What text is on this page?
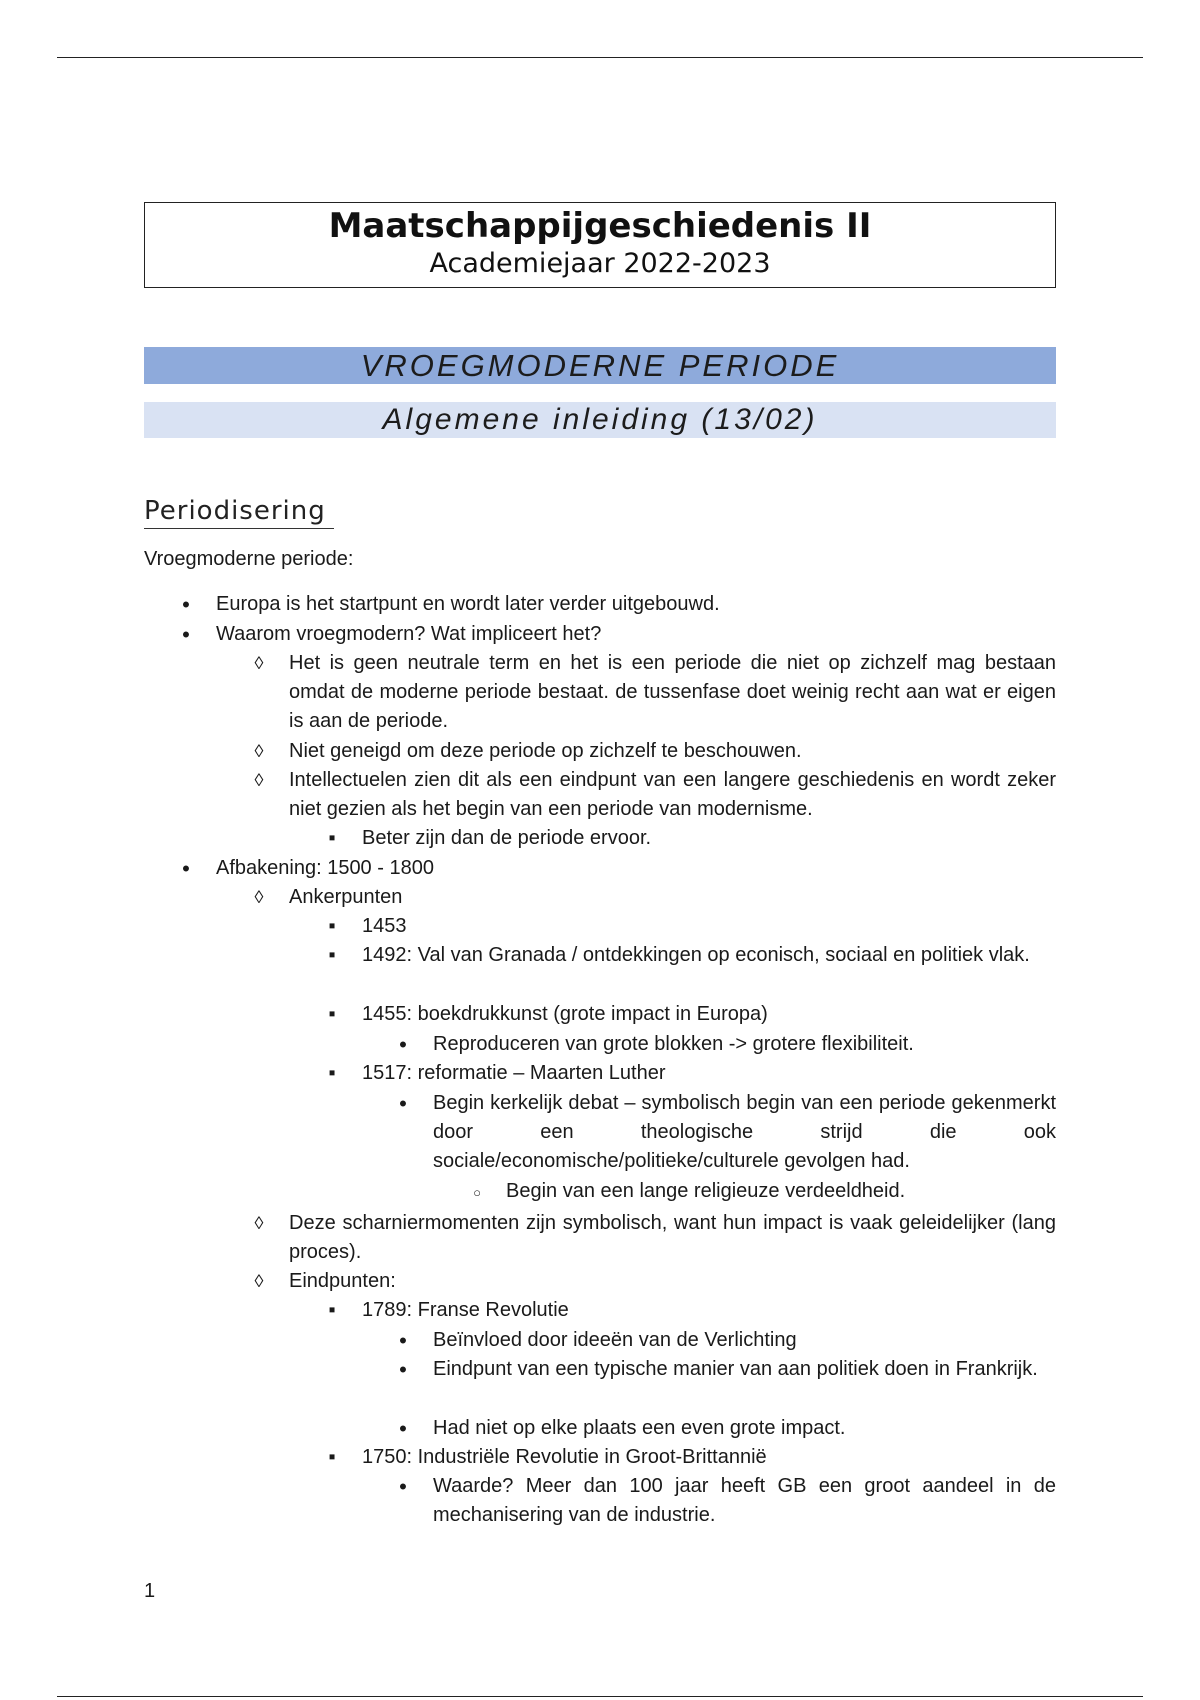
Maatschappijgeschiedenis II
Academiejaar 2022-2023
VROEGMODERNE PERIODE
Algemene inleiding (13/02)
Periodisering
Vroegmoderne periode:
•
Europa is het startpunt en wordt later verder uitgebouwd.
•
Waarom vroegmodern? Wat impliceert het?
◊
Het is geen neutrale term en het is een periode die niet op zichzelf mag bestaan omdat de moderne periode bestaat. de tussenfase doet weinig recht aan wat er eigen is aan de periode.
◊
Niet geneigd om deze periode op zichzelf te beschouwen.
◊
Intellectuelen zien dit als een eindpunt van een langere geschiedenis en wordt zeker niet gezien als het begin van een periode van modernisme.
▪
Beter zijn dan de periode ervoor.
•
Afbakening: 1500 - 1800
◊
Ankerpunten
▪
1453
▪
1492: Val van Granada / ontdekkingen op econisch, sociaal en politiek vlak.
▪
1455: boekdrukkunst (grote impact in Europa)
•
Reproduceren van grote blokken -> grotere flexibiliteit.
▪
1517: reformatie – Maarten Luther
•
Begin kerkelijk debat – symbolisch begin van een periode gekenmerkt door een theologische strijd die ook sociale/economische/politieke/culturele gevolgen had.
○
Begin van een lange religieuze verdeeldheid.
◊
Deze scharniermomenten zijn symbolisch, want hun impact is vaak geleidelijker (lang proces).
◊
Eindpunten:
▪
1789: Franse Revolutie
•
Beïnvloed door ideeën van de Verlichting
•
Eindpunt van een typische manier van aan politiek doen in Frankrijk.
•
Had niet op elke plaats een even grote impact.
▪
1750: Industriële Revolutie in Groot-Brittannië
•
Waarde? Meer dan 100 jaar heeft GB een groot aandeel in de mechanisering van de industrie.
1
